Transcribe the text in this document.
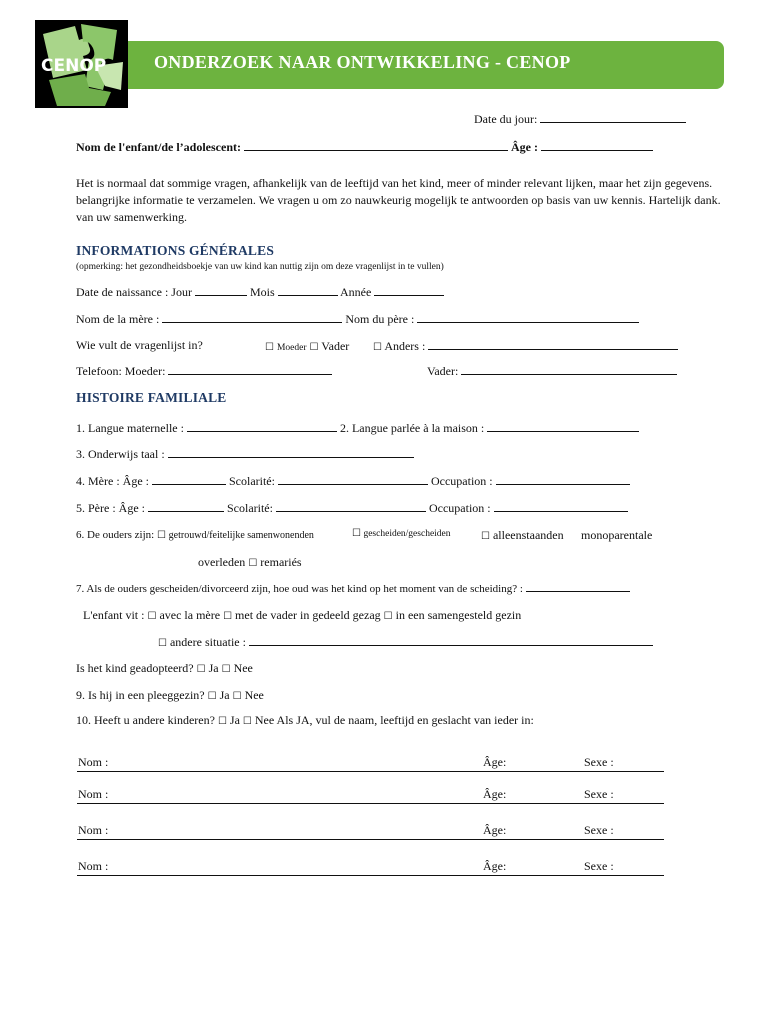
CENOP	ONDERZOEK NAAR ONTWIKKELING - CENOP
Date du jour:
Nom de l'enfant/de l’adolescent:	Âge :
Het is normaal dat sommige vragen, afhankelijk van de leeftijd van het kind, meer of minder relevant lijken, maar het zijn gegevens. belangrijke informatie te verzamelen. We vragen u om zo nauwkeurig mogelijk te antwoorden op basis van uw kennis. Hartelijk dank. van uw samenwerking.
INFORMATIONS GÉNÉRALES
(opmerking: het gezondheidsboekje van uw kind kan nuttig zijn om deze vragenlijst in te vullen)
Date de naissance : Jour	Mois	Année
Nom de la mère :	Nom du père :
Wie vult de vragenlijst in?	☐ Moeder ☐ Vader ☐ Anders :
Telefoon: Moeder:	Vader:
HISTOIRE FAMILIALE
1. Langue maternelle :	2. Langue parlée à la maison :
3. Onderwijs taal :
4. Mère : Âge :	Scolarité:	Occupation :
5. Père : Âge :	Scolarité:	Occupation :
6. De ouders zijn: ☐ getrouwd/feitelijke samenwonenden	☐ gescheiden/gescheiden	☐ alleenstaanden monoparentale
overleden ☐ remariés
7. Als de ouders gescheiden/divorceerd zijn, hoe oud was het kind op het moment van de scheiding? :
L'enfant vit : ☐ avec la mère ☐ met de vader in gedeeld gezag ☐ in een samengesteld gezin
☐ andere situatie :
Is het kind geadopteerd? ☐ Ja ☐ Nee
9. Is hij in een pleeggezin? ☐ Ja ☐ Nee
10. Heeft u andere kinderen? ☐ Ja ☐ Nee Als JA, vul de naam, leeftijd en geslacht van ieder in:
Nom :	Âge:	Sexe :
Nom :	Âge:	Sexe :
Nom :	Âge:	Sexe :
Nom :	Âge:	Sexe :
